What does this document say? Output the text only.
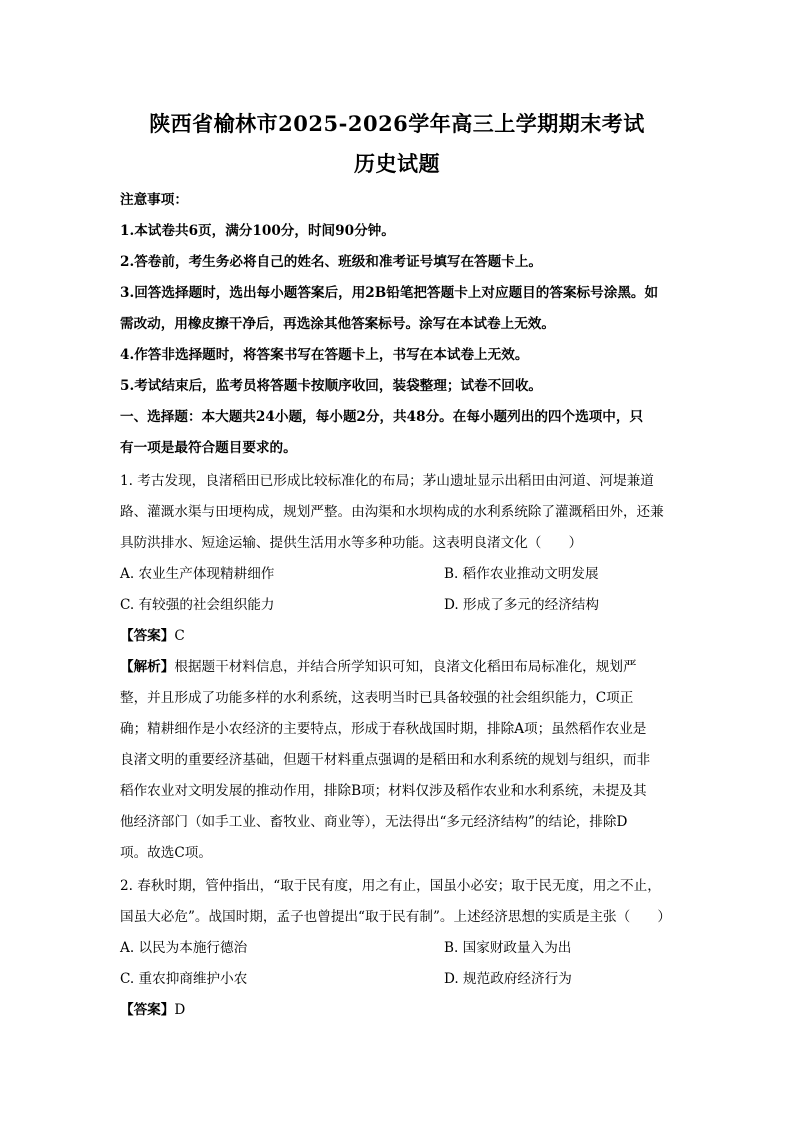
陕西省榆林市2025-2026学年高三上学期期末考试
历史试题
注意事项：
1.本试卷共6页，满分100分，时间90分钟。
2.答卷前，考生务必将自己的姓名、班级和准考证号填写在答题卡上。
3.回答选择题时，选出每小题答案后，用2B铅笔把答题卡上对应题目的答案标号涂黑。如
需改动，用橡皮擦干净后，再选涂其他答案标号。涂写在本试卷上无效。
4.作答非选择题时，将答案书写在答题卡上，书写在本试卷上无效。
5.考试结束后，监考员将答题卡按顺序收回，装袋整理；试卷不回收。
一、选择题：本大题共24小题，每小题2分，共48分。在每小题列出的四个选项中，只
有一项是最符合题目要求的。
1. 考古发现，良渚稻田已形成比较标准化的布局；茅山遗址显示出稻田由河道、河堤兼道
路、灌溉水渠与田埂构成，规划严整。由沟渠和水坝构成的水利系统除了灌溉稻田外，还兼
具防洪排水、短途运输、提供生活用水等多种功能。这表明良渚文化（　　）
A. 农业生产体现精耕细作	B. 稻作农业推动文明发展
C. 有较强的社会组织能力	D. 形成了多元的经济结构
【答案】C
【解析】根据题干材料信息，并结合所学知识可知，良渚文化稻田布局标准化，规划严
整，并且形成了功能多样的水利系统，这表明当时已具备较强的社会组织能力，C项正
确；精耕细作是小农经济的主要特点，形成于春秋战国时期，排除A项；虽然稻作农业是
良渚文明的重要经济基础，但题干材料重点强调的是稻田和水利系统的规划与组织，而非
稻作农业对文明发展的推动作用，排除B项；材料仅涉及稻作农业和水利系统，未提及其
他经济部门（如手工业、畜牧业、商业等），无法得出“多元经济结构”的结论，排除D
项。故选C项。
2. 春秋时期，管仲指出，“取于民有度，用之有止，国虽小必安；取于民无度，用之不止，
国虽大必危”。战国时期，孟子也曾提出“取于民有制”。上述经济思想的实质是主张（　　）
A. 以民为本施行德治	B. 国家财政量入为出
C. 重农抑商维护小农	D. 规范政府经济行为
【答案】D
